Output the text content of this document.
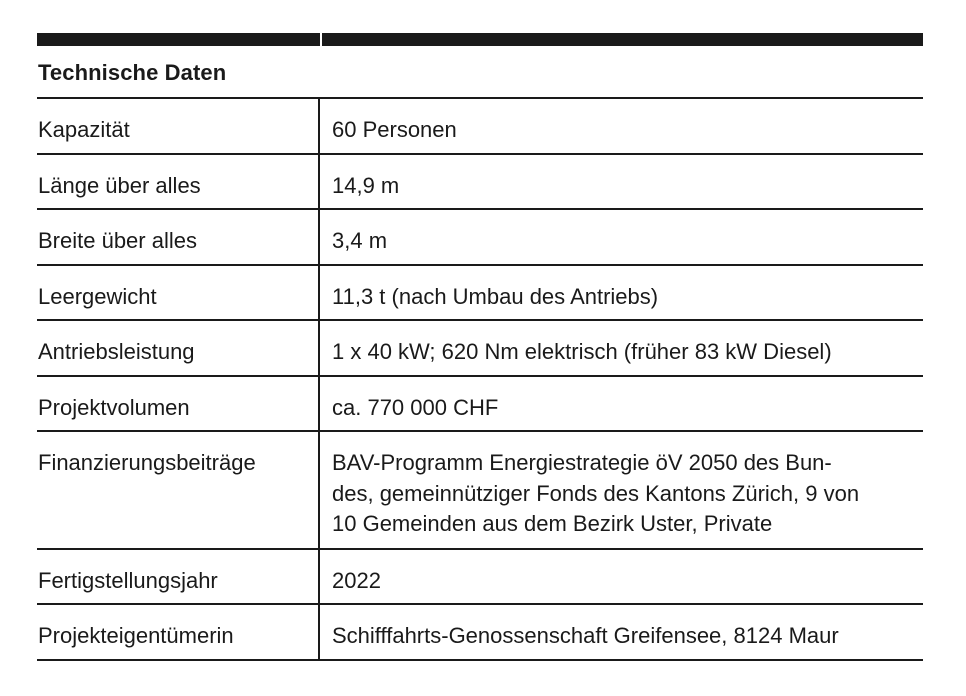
Technische Daten
Kapazität	60 Personen
Länge über alles	14,9 m
Breite über alles	3,4 m
Leergewicht	11,3 t (nach Umbau des Antriebs)
Antriebsleistung	1 x 40 kW; 620 Nm elektrisch (früher 83 kW Diesel)
Projektvolumen	ca. 770 000 CHF
Finanzierungsbeiträge	BAV-Programm Energiestrategie öV 2050 des Bun-
des, gemeinnütziger Fonds des Kantons Zürich, 9 von
10 Gemeinden aus dem Bezirk Uster, Private
Fertigstellungsjahr	2022
Projekteigentümerin	Schifffahrts-Genossenschaft Greifensee, 8124 Maur
